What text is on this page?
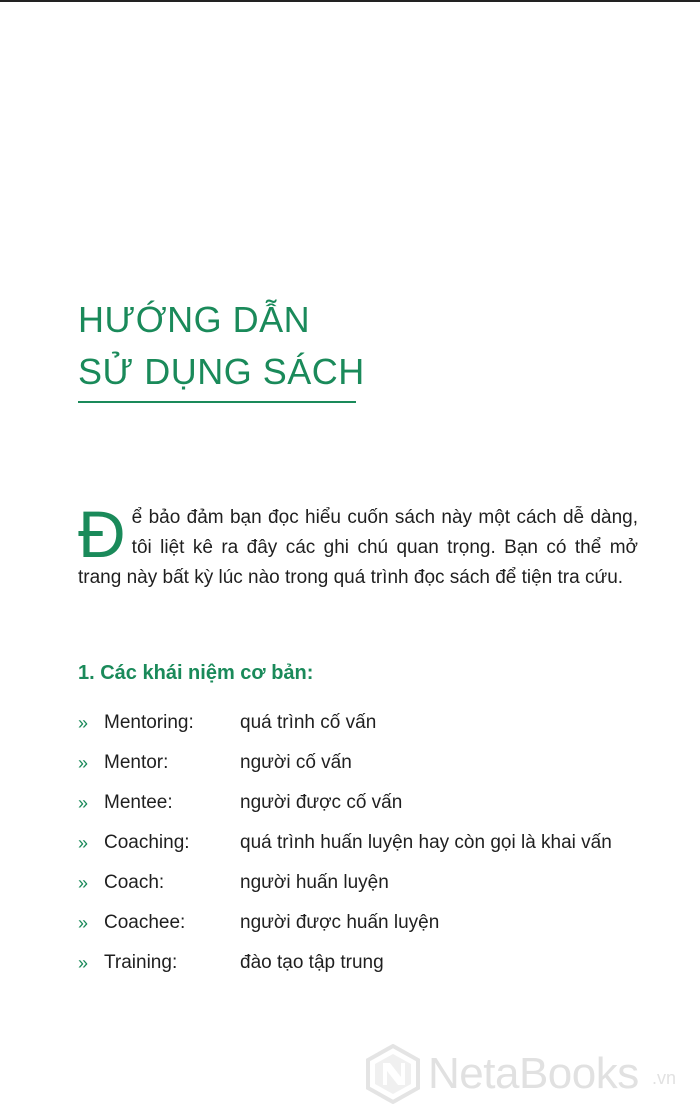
HƯỚNG DẪN
SỬ DỤNG SÁCH
Đ ể bảo đảm bạn đọc hiểu cuốn sách này một cách dễ dàng, tôi liệt kê ra đây các ghi chú quan trọng. Bạn có thể mở trang này bất kỳ lúc nào trong quá trình đọc sách để tiện tra cứu.
1. Các khái niệm cơ bản:
» Mentoring: quá trình cố vấn
» Mentor:	người cố vấn
» Mentee:	người được cố vấn
» Coaching:	quá trình huấn luyện hay còn gọi là khai vấn
» Coach:	người huấn luyện
» Coachee:	người được huấn luyện
» Training:	đào tạo tập trung
NetaBooks .vn
